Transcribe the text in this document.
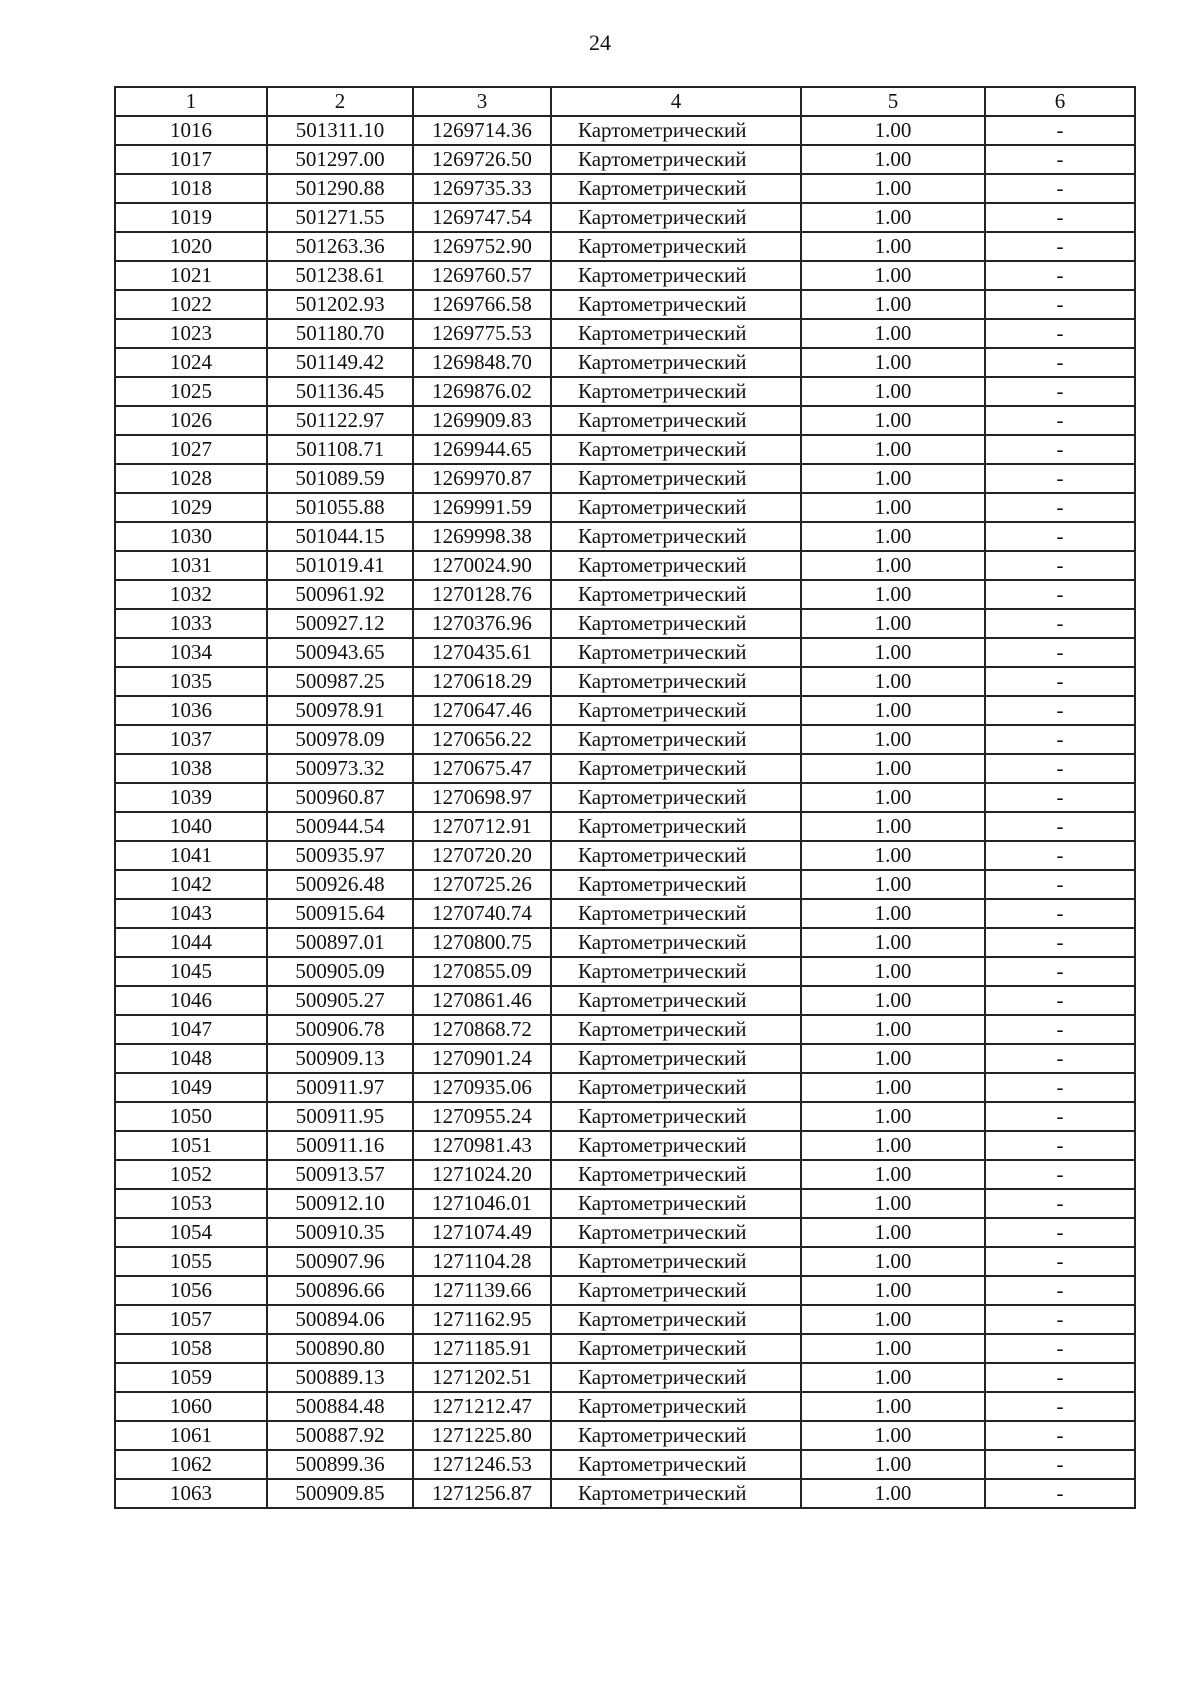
24
1	2	3	4	5	6
1016	501311.10	1269714.36	Картометрический	1.00	-
1017	501297.00	1269726.50	Картометрический	1.00	-
1018	501290.88	1269735.33	Картометрический	1.00	-
1019	501271.55	1269747.54	Картометрический	1.00	-
1020	501263.36	1269752.90	Картометрический	1.00	-
1021	501238.61	1269760.57	Картометрический	1.00	-
1022	501202.93	1269766.58	Картометрический	1.00	-
1023	501180.70	1269775.53	Картометрический	1.00	-
1024	501149.42	1269848.70	Картометрический	1.00	-
1025	501136.45	1269876.02	Картометрический	1.00	-
1026	501122.97	1269909.83	Картометрический	1.00	-
1027	501108.71	1269944.65	Картометрический	1.00	-
1028	501089.59	1269970.87	Картометрический	1.00	-
1029	501055.88	1269991.59	Картометрический	1.00	-
1030	501044.15	1269998.38	Картометрический	1.00	-
1031	501019.41	1270024.90	Картометрический	1.00	-
1032	500961.92	1270128.76	Картометрический	1.00	-
1033	500927.12	1270376.96	Картометрический	1.00	-
1034	500943.65	1270435.61	Картометрический	1.00	-
1035	500987.25	1270618.29	Картометрический	1.00	-
1036	500978.91	1270647.46	Картометрический	1.00	-
1037	500978.09	1270656.22	Картометрический	1.00	-
1038	500973.32	1270675.47	Картометрический	1.00	-
1039	500960.87	1270698.97	Картометрический	1.00	-
1040	500944.54	1270712.91	Картометрический	1.00	-
1041	500935.97	1270720.20	Картометрический	1.00	-
1042	500926.48	1270725.26	Картометрический	1.00	-
1043	500915.64	1270740.74	Картометрический	1.00	-
1044	500897.01	1270800.75	Картометрический	1.00	-
1045	500905.09	1270855.09	Картометрический	1.00	-
1046	500905.27	1270861.46	Картометрический	1.00	-
1047	500906.78	1270868.72	Картометрический	1.00	-
1048	500909.13	1270901.24	Картометрический	1.00	-
1049	500911.97	1270935.06	Картометрический	1.00	-
1050	500911.95	1270955.24	Картометрический	1.00	-
1051	500911.16	1270981.43	Картометрический	1.00	-
1052	500913.57	1271024.20	Картометрический	1.00	-
1053	500912.10	1271046.01	Картометрический	1.00	-
1054	500910.35	1271074.49	Картометрический	1.00	-
1055	500907.96	1271104.28	Картометрический	1.00	-
1056	500896.66	1271139.66	Картометрический	1.00	-
1057	500894.06	1271162.95	Картометрический	1.00	-
1058	500890.80	1271185.91	Картометрический	1.00	-
1059	500889.13	1271202.51	Картометрический	1.00	-
1060	500884.48	1271212.47	Картометрический	1.00	-
1061	500887.92	1271225.80	Картометрический	1.00	-
1062	500899.36	1271246.53	Картометрический	1.00	-
1063	500909.85	1271256.87	Картометрический	1.00	-
